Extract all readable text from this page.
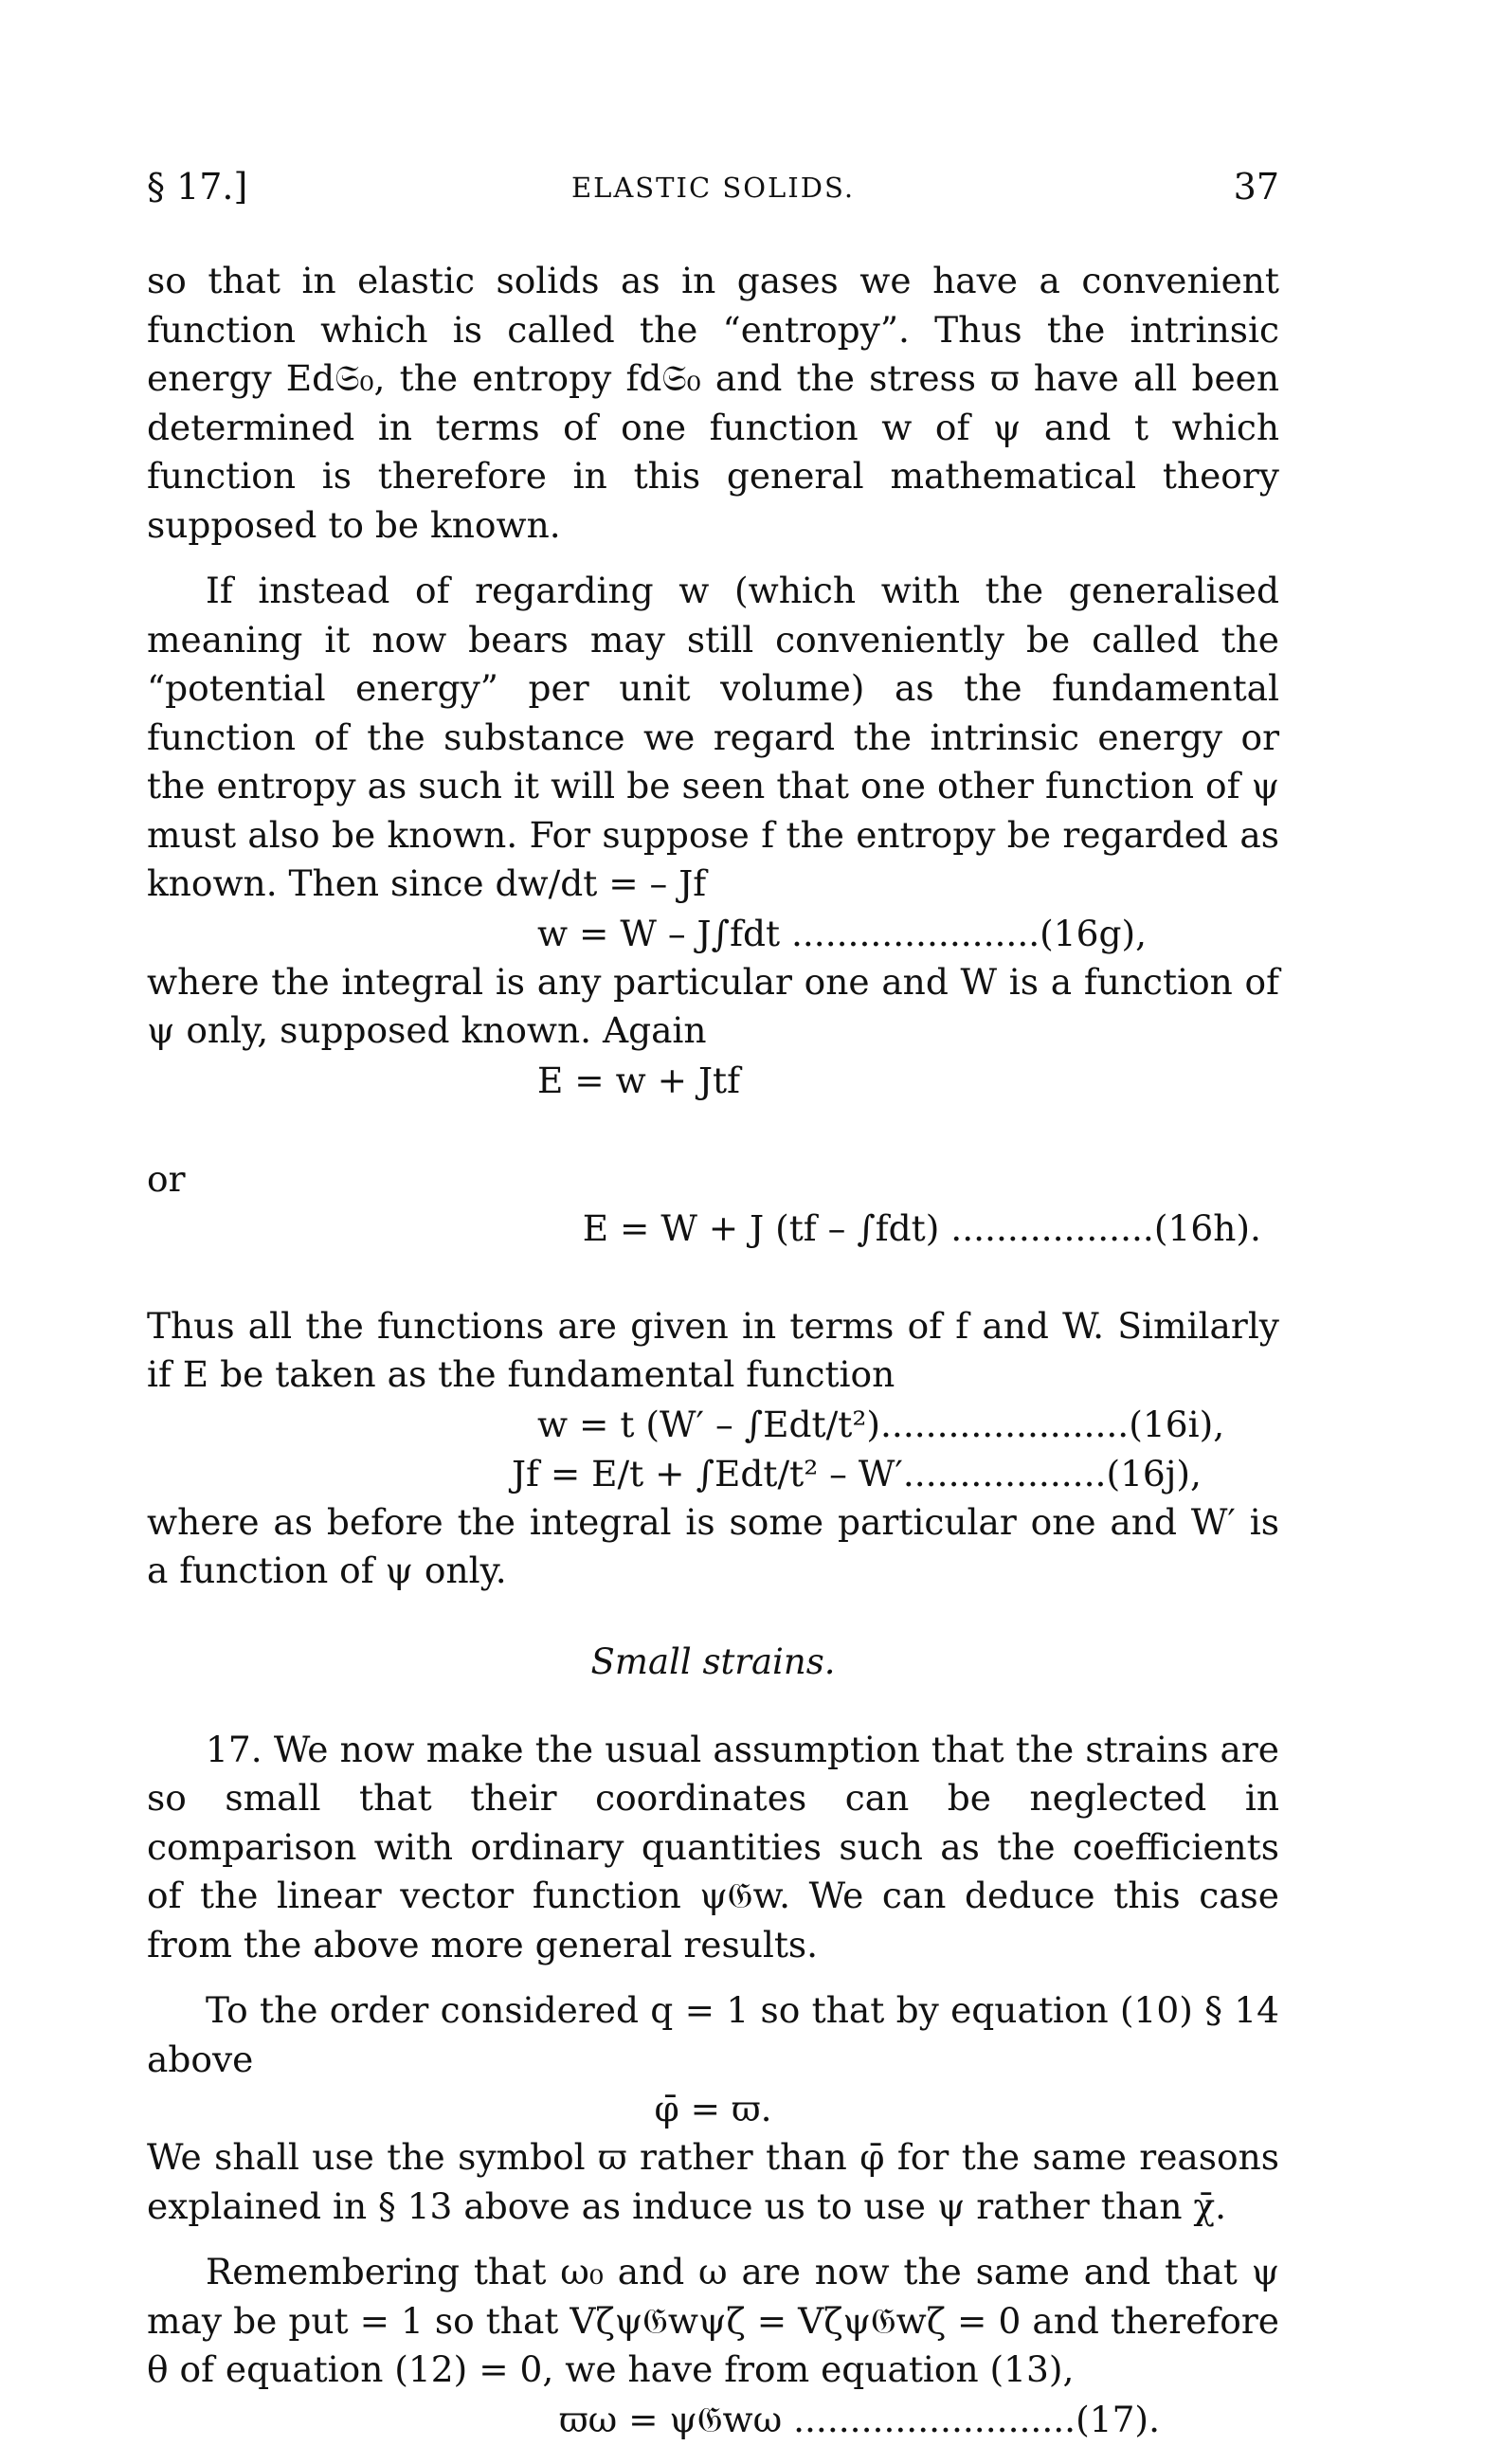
§ 17.]	ELASTIC SOLIDS.	37

so that in elastic solids as in gases we have a convenient function which is called the “entropy”. Thus the intrinsic energy Ed𝔖₀, the entropy fd𝔖₀ and the stress ϖ have all been determined in terms of one function w of ψ and t which function is therefore in this general mathematical theory supposed to be known.

If instead of regarding w (which with the generalised meaning it now bears may still conveniently be called the “potential energy” per unit volume) as the fundamental function of the substance we regard the intrinsic energy or the entropy as such it will be seen that one other function of ψ must also be known. For suppose f the entropy be regarded as known. Then since dw/dt = – Jf

w = W – J∫fdt ......................(16g),

where the integral is any particular one and W is a function of ψ only, supposed known. Again

E = w + Jtf

or

E = W + J (tf – ∫fdt) ..................(16h).

Thus all the functions are given in terms of f and W. Similarly if E be taken as the fundamental function

w = t (W′ – ∫Edt/t²)......................(16i),
Jf = E/t + ∫Edt/t² – W′..................(16j),

where as before the integral is some particular one and W′ is a function of ψ only.

Small strains.

17. We now make the usual assumption that the strains are so small that their coordinates can be neglected in comparison with ordinary quantities such as the coefficients of the linear vector function ψ𝔊w. We can deduce this case from the above more general results.

To the order considered q = 1 so that by equation (10) § 14 above

φ̄ = ϖ.

We shall use the symbol ϖ rather than φ̄ for the same reasons explained in § 13 above as induce us to use ψ rather than χ̄.

Remembering that ω₀ and ω are now the same and that ψ may be put = 1 so that Vζψ𝔊wψζ = Vζψ𝔊wζ = 0 and therefore θ of equation (12) = 0, we have from equation (13),

ϖω = ψ𝔊wω .........................(17).
